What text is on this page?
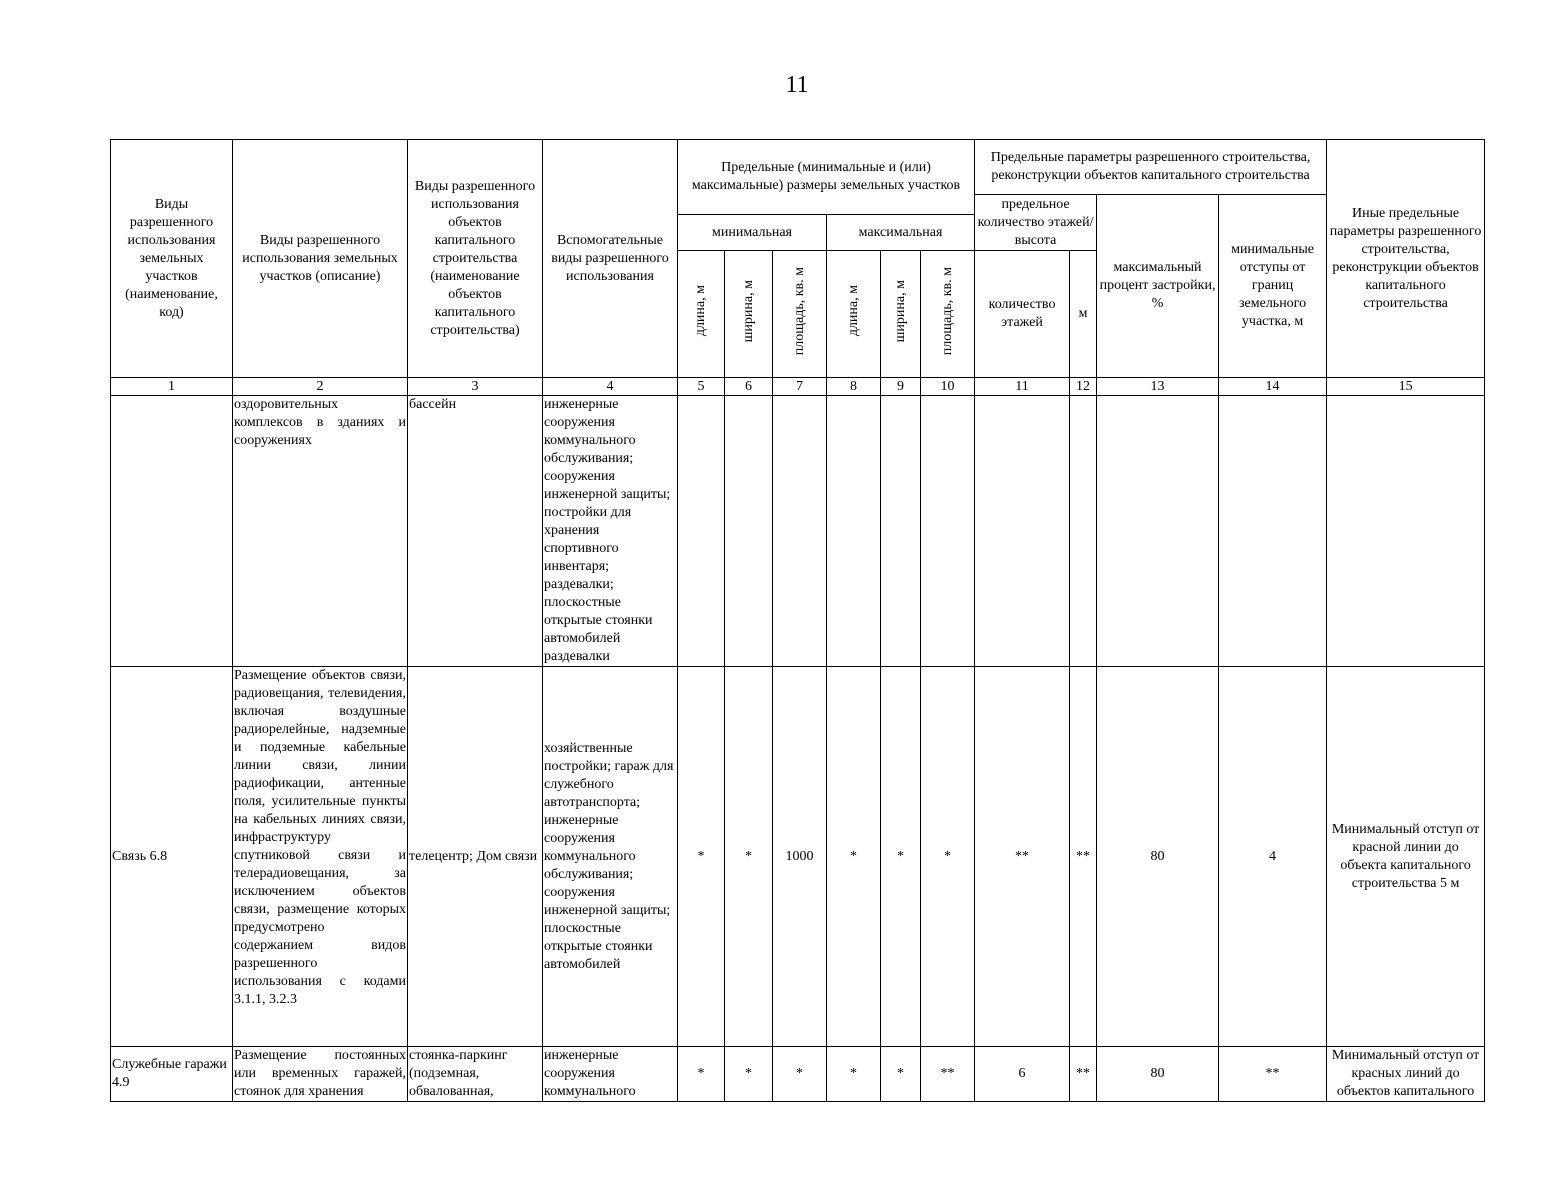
11
Виды разрешенного использования земельных участков (наименование, код)	Виды разрешенного использования земельных участков (описание)	Виды разрешенного использования объектов капитального строительства (наименование объектов капитального строительства)	Вспомогательные виды разрешенного использования	Предельные (минимальные и (или) максимальные) размеры земельных участков						Предельные параметры разрешенного строительства, реконструкции объектов капитального строительства				Иные предельные параметры разрешенного строительства, реконструкции объектов капитального строительства
										предельное количество этажей/высота		максимальный процент застройки, %	минимальные отступы от границ земельного участка, м	
				минимальная			максимальная							
				длина, м	ширина, м	площадь, кв. м	длина, м	ширина, м	площадь, кв. м	количество этажей	м			
1	2	3	4	5	6	7	8	9	10	11	12	13	14	15
	оздоровительных комплексов в зданиях и сооружениях	бассейн	инженерные сооружения коммунального обслуживания; сооружения инженерной защиты; постройки для хранения спортивного инвентаря; раздевалки; плоскостные открытые стоянки автомобилей раздевалки											
Связь 6.8	Размещение объектов связи, радиовещания, телевидения, включая воздушные радиорелейные, надземные и подземные кабельные линии связи, линии радиофикации, антенные поля, усилительные пункты на кабельных линиях связи, инфраструктуру спутниковой связи и телерадиовещания, за исключением объектов связи, размещение которых предусмотрено содержанием видов разрешенного использования с кодами 3.1.1, 3.2.3	телецентр; Дом связи	хозяйственные постройки; гараж для служебного автотранспорта; инженерные сооружения коммунального обслуживания; сооружения инженерной защиты; плоскостные открытые стоянки автомобилей	*	*	1000	*	*	*	**	**	80	4	Минимальный отступ от красной линии до объекта капитального строительства 5 м
Служебные гаражи 4.9	Размещение постоянных или временных гаражей, стоянок для хранения	стоянка-паркинг (подземная, обвалованная,	инженерные сооружения коммунального	*	*	*	*	*	**	6	**	80	**	Минимальный отступ от красных линий до объектов капитального
